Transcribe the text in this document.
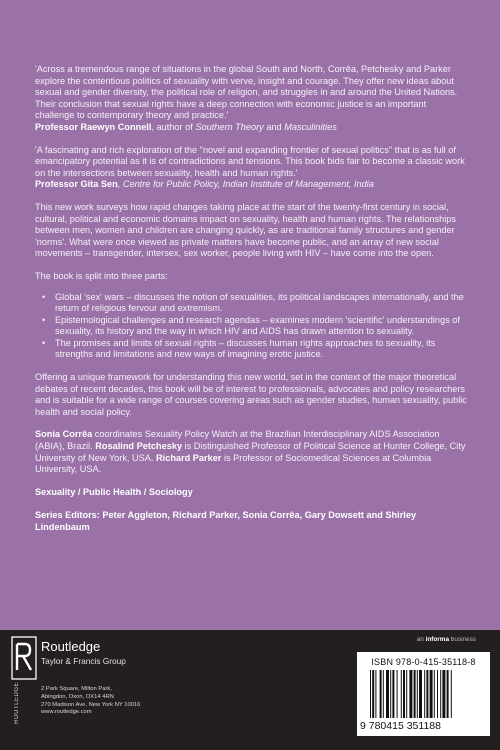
'Across a tremendous range of situations in the global South and North, Corrêa, Petchesky and Parker explore the contentious politics of sexuality with verve, insight and courage. They offer new ideas about sexual and gender diversity, the political role of religion, and struggles in and around the United Nations. Their conclusion that sexual rights have a deep connection with economic justice is an important challenge to contemporary theory and practice.'
Professor Raewyn Connell, author of Southern Theory and Masculinities

'A fascinating and rich exploration of the "novel and expanding frontier of sexual politics" that is as full of emancipatory potential as it is of contradictions and tensions. This book bids fair to become a classic work on the intersections between sexuality, health and human rights.'
Professor Gita Sen, Centre for Public Policy, Indian Institute of Management, India

This new work surveys how rapid changes taking place at the start of the twenty-first century in social, cultural, political and economic domains impact on sexuality, health and human rights. The relationships between men, women and children are changing quickly, as are traditional family structures and gender 'norms'. What were once viewed as private matters have become public, and an array of new social movements – transgender, intersex, sex worker, people living with HIV – have come into the open.

The book is split into three parts:

• Global 'sex' wars – discusses the notion of sexualities, its political landscapes internationally, and the return of religious fervour and extremism.
• Epistemological challenges and research agendas – examines modern 'scientific' understandings of sexuality, its history and the way in which HIV and AIDS has drawn attention to sexuality.
• The promises and limits of sexual rights – discusses human rights approaches to sexuality, its strengths and limitations and new ways of imagining erotic justice.

Offering a unique framework for understanding this new world, set in the context of the major theoretical debates of recent decades, this book will be of interest to professionals, advocates and policy researchers and is suitable for a wide range of courses covering areas such as gender studies, human sexuality, public health and social policy.

Sonia Corrêa coordinates Sexuality Policy Watch at the Brazilian Interdisciplinary AIDS Association (ABIA), Brazil. Rosalind Petchesky is Distinguished Professor of Political Science at Hunter College, City University of New York, USA. Richard Parker is Professor of Sociomedical Sciences at Columbia University, USA.

Sexuality / Public Health / Sociology

Series Editors: Peter Aggleton, Richard Parker, Sonia Corrêa, Gary Dowsett and Shirley Lindenbaum

ROUTLEDGE
Routledge
Taylor & Francis Group
2 Park Square, Milton Park,
Abingdon, Oxon, OX14 4RN
270 Madison Ave, New York NY 10016
www.routledge.com
an informa business
ISBN 978-0-415-35118-8
9 780415 351188
